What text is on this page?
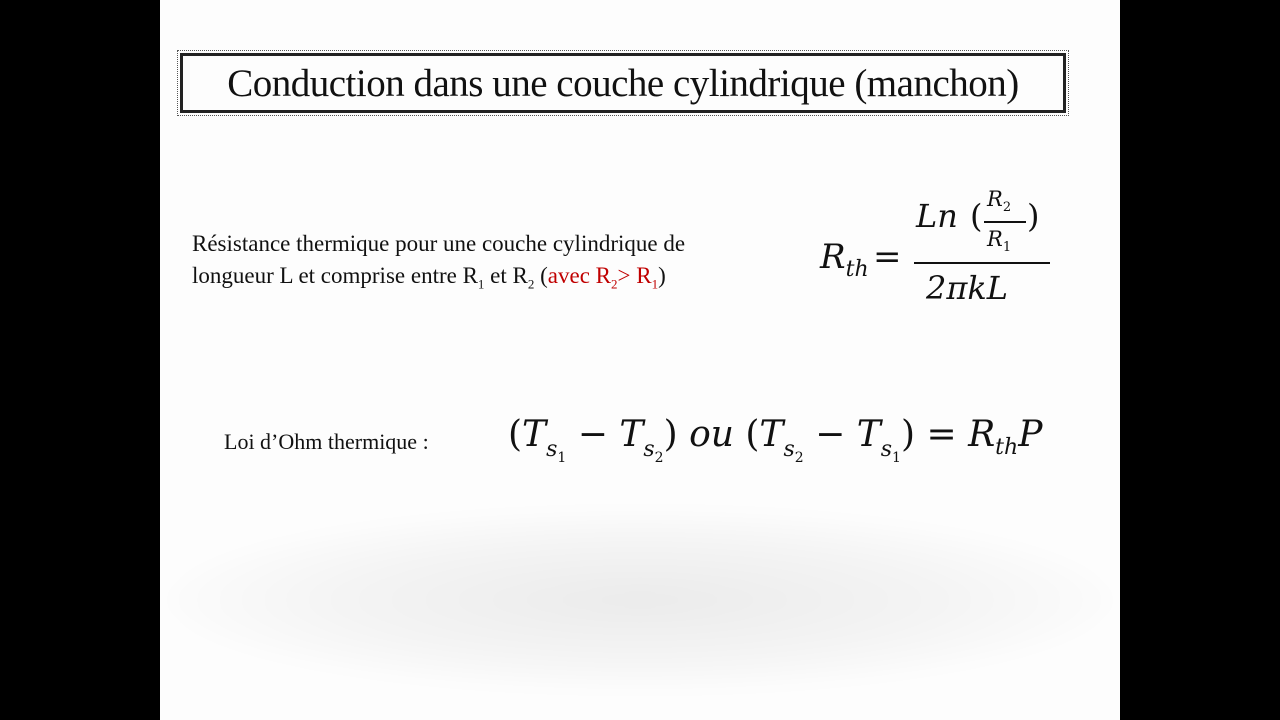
Conduction dans une couche cylindrique (manchon)
Résistance thermique pour une couche cylindrique de
longueur L et comprise entre $R_1$ et $R_2$ (avec $R_2> R_1$)	$R_{th}$ =
Ln ( $R_2$
$R_1$
)
2πkL
Loi d’Ohm thermique : $(T_{s_1} - T_{s_2})$ ou $(T_{s_2} - T_{s_1}) = R_{th}P$
